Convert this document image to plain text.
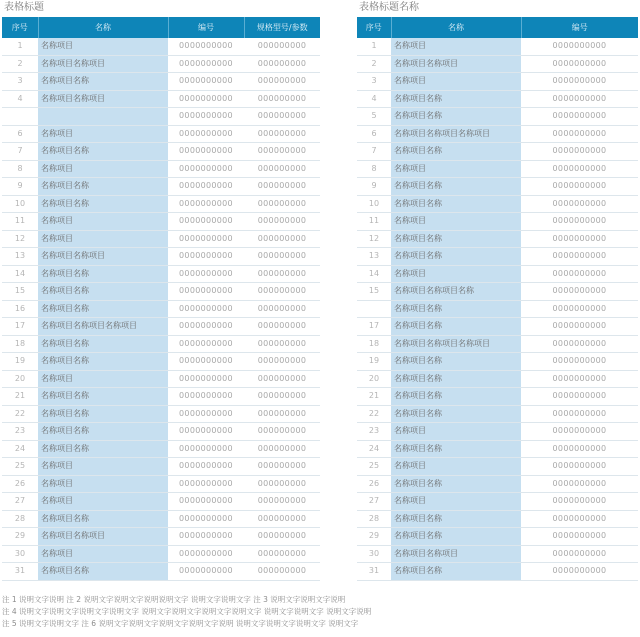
表格标题
序号	名称	编号	规格型号/参数
1	名称项目	0000000000	000000000
2	名称项目名称项目	0000000000	000000000
3	名称项目名称	0000000000	000000000
4	名称项目名称项目	0000000000	000000000
		0000000000	000000000
6	名称项目	0000000000	000000000
7	名称项目名称	0000000000	000000000
8	名称项目	0000000000	000000000
9	名称项目名称	0000000000	000000000
10	名称项目名称	0000000000	000000000
11	名称项目	0000000000	000000000
12	名称项目	0000000000	000000000
13	名称项目名称项目	0000000000	000000000
14	名称项目名称	0000000000	000000000
15	名称项目名称	0000000000	000000000
16	名称项目名称	0000000000	000000000
17	名称项目名称项目名称项目	0000000000	000000000
18	名称项目名称	0000000000	000000000
19	名称项目名称	0000000000	000000000
20	名称项目	0000000000	000000000
21	名称项目名称	0000000000	000000000
22	名称项目名称	0000000000	000000000
23	名称项目名称	0000000000	000000000
24	名称项目名称	0000000000	000000000
25	名称项目	0000000000	000000000
26	名称项目	0000000000	000000000
27	名称项目	0000000000	000000000
28	名称项目名称	0000000000	000000000
29	名称项目名称项目	0000000000	000000000
30	名称项目	0000000000	000000000
31	名称项目名称	0000000000	000000000
表格标题名称
序号	名称	编号
1	名称项目	0000000000
2	名称项目名称项目	0000000000
3	名称项目	0000000000
4	名称项目名称	0000000000
5	名称项目名称	0000000000
6	名称项目名称项目名称项目	0000000000
7	名称项目名称	0000000000
8	名称项目	0000000000
9	名称项目名称	0000000000
10	名称项目名称	0000000000
11	名称项目	0000000000
12	名称项目名称	0000000000
13	名称项目名称	0000000000
14	名称项目	0000000000
15	名称项目名称项目名称	0000000000
	名称项目名称	0000000000
17	名称项目名称	0000000000
18	名称项目名称项目名称项目	0000000000
19	名称项目名称	0000000000
20	名称项目名称	0000000000
21	名称项目名称	0000000000
22	名称项目名称	0000000000
23	名称项目	0000000000
24	名称项目名称	0000000000
25	名称项目	0000000000
26	名称项目名称	0000000000
27	名称项目	0000000000
28	名称项目名称	0000000000
29	名称项目名称	0000000000
30	名称项目名称项目	0000000000
31	名称项目名称	0000000000
注 1 说明文字说明 注 2 说明文字说明文字说明说明文字 说明文字说明文字 注 3 说明文字说明文字说明
注 4 说明文字说明文字说明文字说明文字 说明文字说明文字说明文字说明文字 说明文字说明文字 说明文字说明
注 5 说明文字说明文字 注 6 说明文字说明文字说明文字说明文字说明 说明文字说明文字说明文字 说明文字
